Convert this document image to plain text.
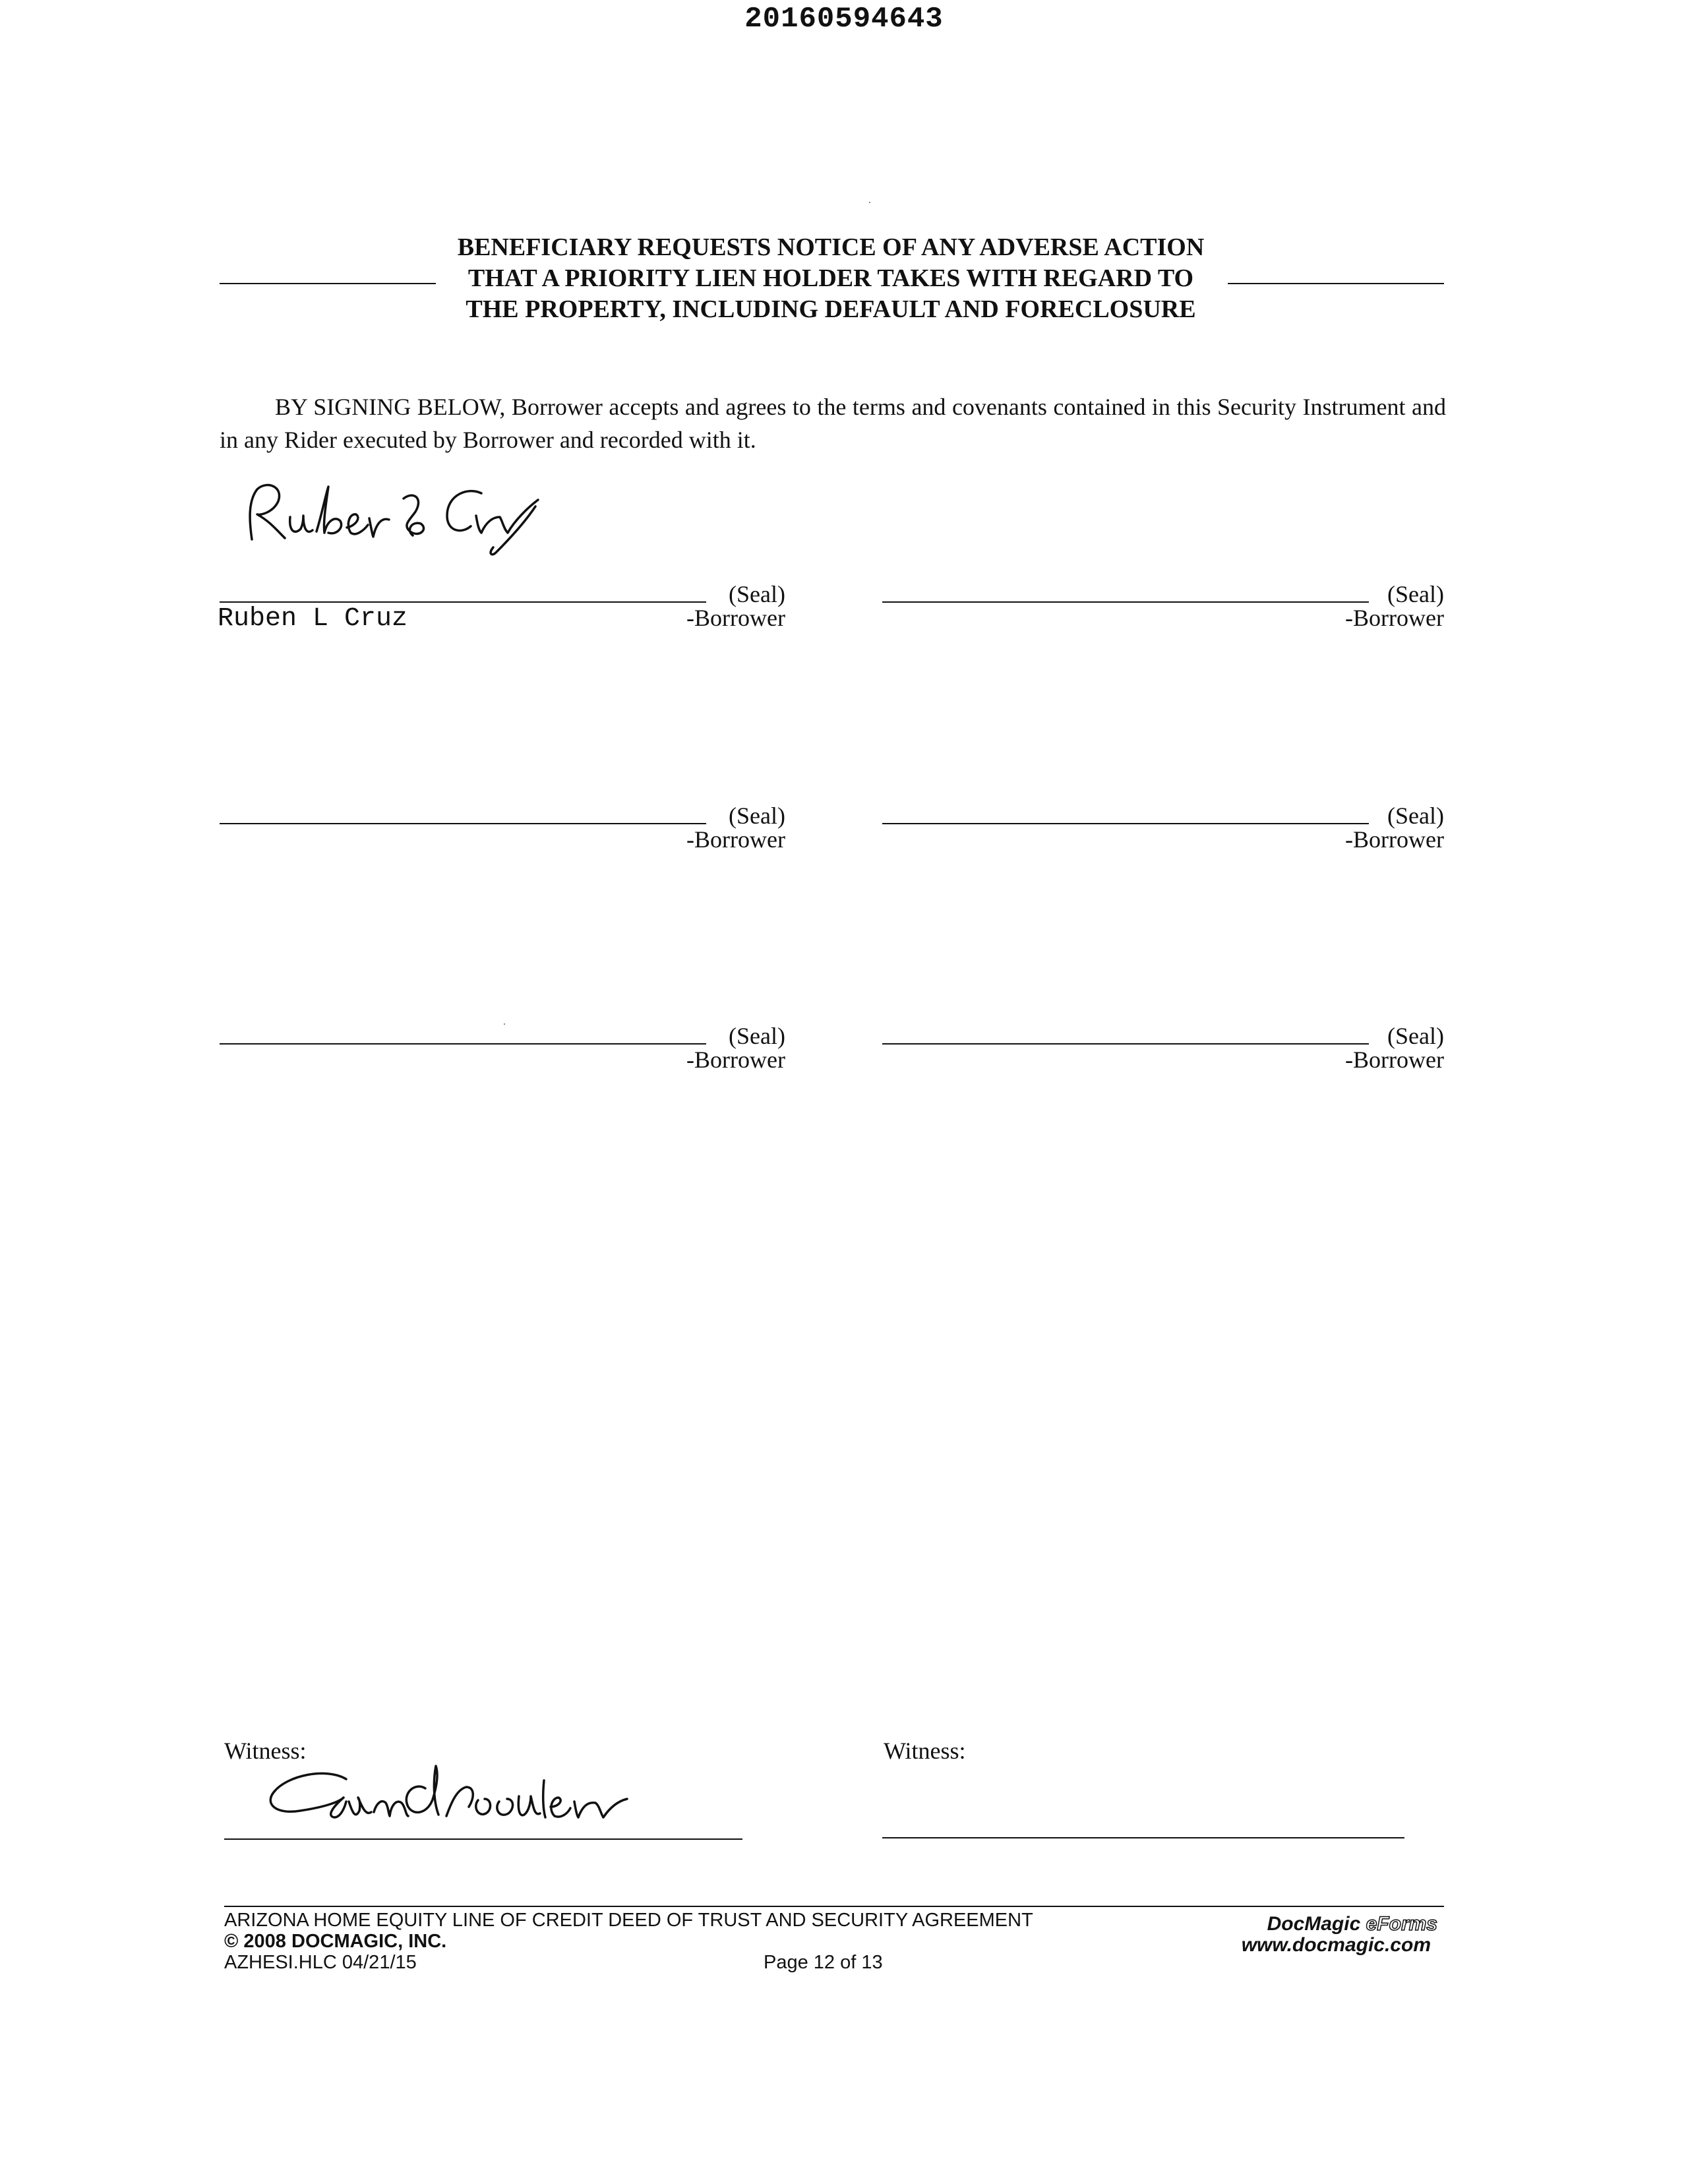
20160594643
BENEFICIARY REQUESTS NOTICE OF ANY ADVERSE ACTION
THAT A PRIORITY LIEN HOLDER TAKES WITH REGARD TO
THE PROPERTY, INCLUDING DEFAULT AND FORECLOSURE
BY SIGNING BELOW, Borrower accepts and agrees to the terms and covenants contained in this Security Instrument and in any Rider executed by Borrower and recorded with it.
(Seal)
-Borrower
Ruben L Cruz
(Seal)
-Borrower
(Seal)
-Borrower
(Seal)
-Borrower
(Seal)
-Borrower
(Seal)
-Borrower
Witness:	Witness:
ARIZONA HOME EQUITY LINE OF CREDIT DEED OF TRUST AND SECURITY AGREEMENT
© 2008 DOCMAGIC, INC.
AZHESI.HLC 04/21/15	Page 12 of 13
DocMagic eForms
www.docmagic.com
